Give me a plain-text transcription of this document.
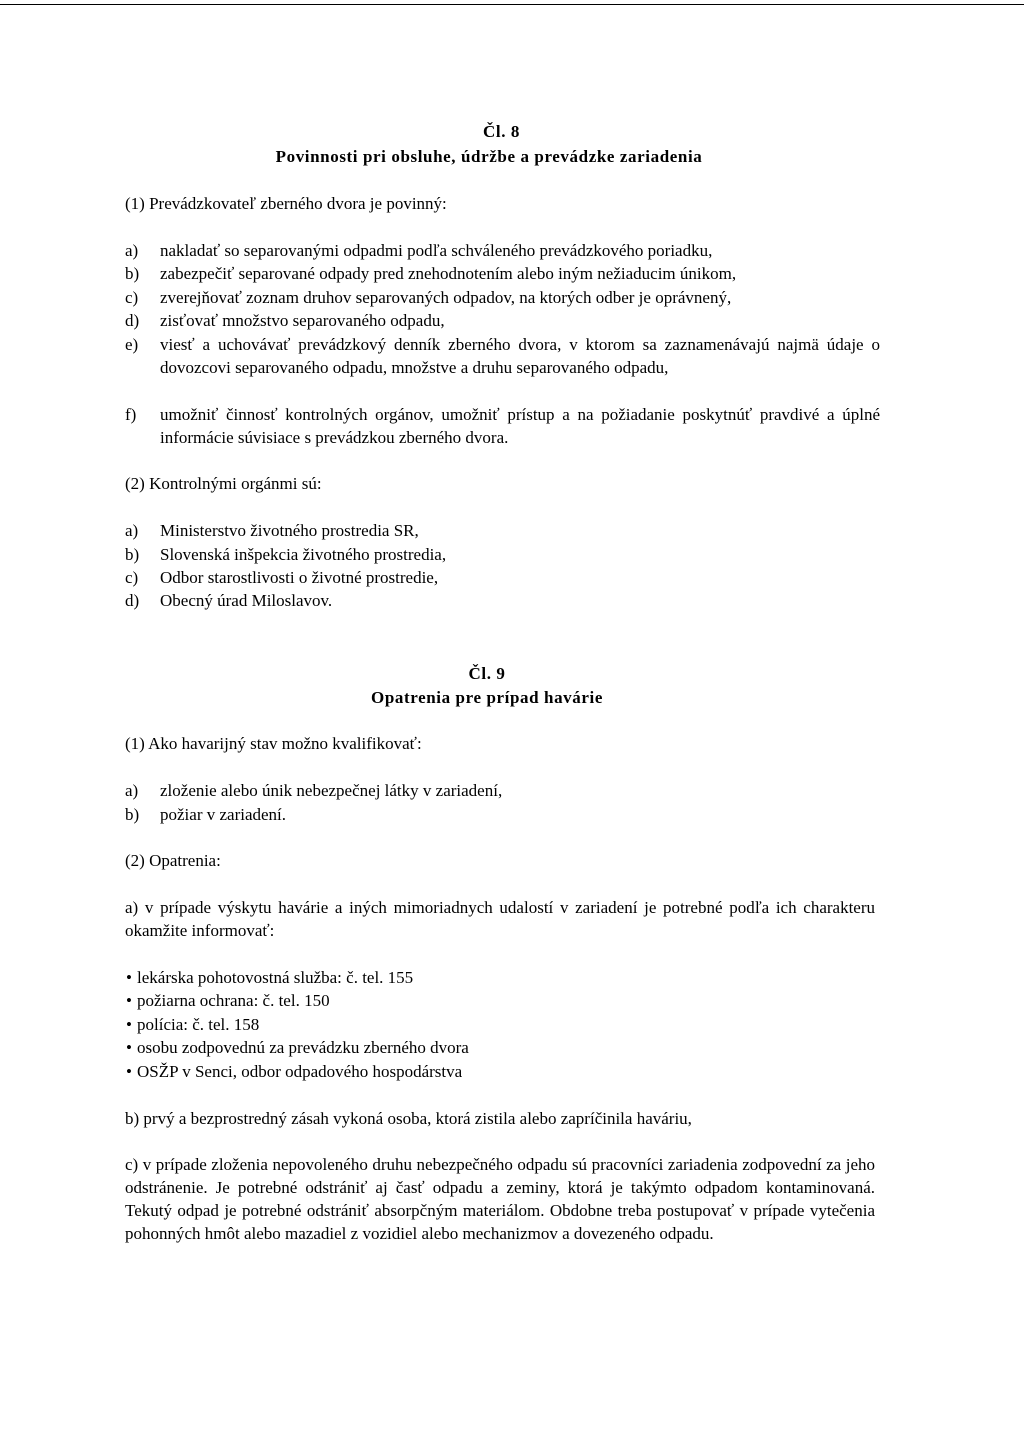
Čl. 8
Povinnosti pri obsluhe, údržbe a prevádzke zariadenia
(1) Prevádzkovateľ zberného dvora je povinný:
a)	nakladať so separovanými odpadmi podľa schváleného prevádzkového poriadku,
b)	zabezpečiť separované odpady pred znehodnotením alebo iným nežiaducim únikom,
c)	zverejňovať zoznam druhov separovaných odpadov, na ktorých odber je oprávnený,
d)	zisťovať množstvo separovaného odpadu,
e)	viesť a uchovávať prevádzkový denník zberného dvora, v ktorom sa zaznamenávajú najmä údaje o dovozcovi separovaného odpadu, množstve a druhu separovaného odpadu,
f)	umožniť činnosť kontrolných orgánov, umožniť prístup a na požiadanie poskytnúť pravdivé a úplné informácie súvisiace s prevádzkou zberného dvora.
(2) Kontrolnými orgánmi sú:
a)	Ministerstvo životného prostredia SR,
b)	Slovenská inšpekcia životného prostredia,
c)	Odbor starostlivosti o životné prostredie,
d)	Obecný úrad Miloslavov.
Čl. 9
Opatrenia pre prípad havárie
(1) Ako havarijný stav možno kvalifikovať:
a)	zloženie alebo únik nebezpečnej látky v zariadení,
b)	požiar v zariadení.
(2) Opatrenia:
a) v prípade výskytu havárie a iných mimoriadnych udalostí v zariadení je potrebné podľa ich charakteru okamžite informovať:
• lekárska pohotovostná služba: č. tel. 155
• požiarna ochrana: č. tel. 150
• polícia: č. tel. 158
• osobu zodpovednú za prevádzku zberného dvora
• OSŽP v Senci, odbor odpadového hospodárstva
b) prvý a bezprostredný zásah vykoná osoba, ktorá zistila alebo zapríčinila haváriu,
c) v prípade zloženia nepovoleného druhu nebezpečného odpadu sú pracovníci zariadenia zodpovední za jeho odstránenie. Je potrebné odstrániť aj časť odpadu a zeminy, ktorá je takýmto odpadom kontaminovaná. Tekutý odpad je potrebné odstrániť absorpčným materiálom. Obdobne treba postupovať v prípade vytečenia pohonných hmôt alebo mazadiel z vozidiel alebo mechanizmov a dovezeného odpadu.
